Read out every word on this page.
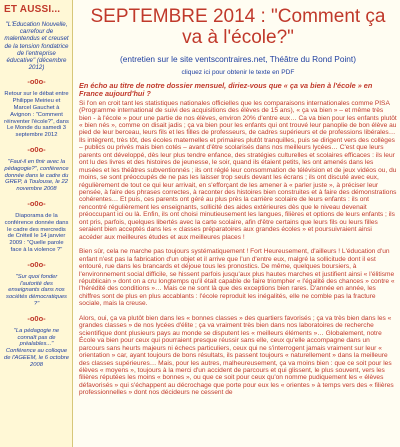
ET AUSSI...
"L'Education Nouvelle, carrefour de malentendus et creuset de la tension fondatrice de l'entreprise éducative" (décembre 2012)
-o0o-
Retour sur le débat entre Philippe Meirieu et Marcel Gauchet à Avignon : "Comment réinventer l'école?", dans Le Monde du samedi 3 septembre 2012
-o0o-
"Faut-il en finir avec la pédagogie?", conférence donnée dans le cadre du GREP, à Toulouse, le 22 novembre 2008
-o0o-
Diaporama de la conférence donnée dans le cadre des mercredis de Créteil le 14 janvier 2009 : "Quelle parole face à la violence ?"
-o0o-
"Sur quoi fonder l'autorité des enseignants dans nos sociétés démocratiques ?"
-o0o-
"La pédagogie ne connaît pas de préalables..." Conférence au colloque de l'AGEEM, le 6 octobre 2008
SEPTEMBRE 2014 : "Comment ça va à l'école?"
(entretien sur le site ventscontraires.net, Théâtre du Rond Point)
cliquez ici pour obtenir le texte en PDF
En écho au titre de notre dossier mensuel, diriez-vous que « ça va bien à l'école » en France aujourd'hui ?
Si l'on en croit tant les statistiques nationales officielles que les comparaisons internationales comme PISA (Programme international de suivi des acquisitions des élèves de 15 ans), « ça va bien » – et même très bien - à l'école » pour une partie de nos élèves, environ 20% d'entre eux… Ca va bien pour les enfants plutôt « bien nés », comme on disait jadis ; ça va bien pour les enfants qui ont trouvé leur panoplie de bon élève au pied de leur berceau, leurs fils et les filles de professeurs, de cadres supérieurs et de professions libérales… Ils intègrent, très tôt, des écoles maternelles et primaires plutôt tranquilles, puis se dirigent vers des collèges – publics ou privés mais bien cotés – avant d'être scolarisés dans nos meilleurs lycées… C'est que leurs parents ont développé, dès leur plus tendre enfance, des stratégies culturelles et scolaires efficaces : ils leur ont lu des livres et des histoires de jeunesse, le soir, quand ils étaient petits, les ont amenés dans les musées et les théâtres subventionnés ; ils ont réglé leur consommation de télévision et de jeux vidéos ou, du moins, se sont préoccupés de ne pas les laisser trop seuls devant les écrans ; ils ont discuté avec eux, régulièrement de tout ce qui leur arrivait, en s'efforçant de les amener à « parler juste », à préciser leur pensée, à faire des phrases correctes, à raconter des histoires bien construites et à faire des démonstrations cohérentes… Et puis, ces parents ont géré au plus près la carrière scolaire de leurs enfants : ils ont rencontré régulièrement les enseignants, sollicité des aides extérieures dès que le niveau devenait préoccupant ici ou là. Enfin, ils ont choisi minutieusement les langues, filières et options de leurs enfants ; ils ont pris, parfois, quelques libertés avec la carte scolaire, afin d'être certains que leurs fils ou leurs filles seraient bien acceptés dans les « classes préparatoires aux grandes écoles » et poursuivraient ainsi accéder aux meilleures études et aux meilleures places !
Bien sûr, cela ne marche pas toujours systématiquement ! Fort Heureusement, d'ailleurs ! L'éducation d'un enfant n'est pas la fabrication d'un objet et il arrive que l'un d'entre eux, malgré la sollicitude dont il est entouré, rue dans les brancards et déjoue tous les pronostics. De même, quelques boursiers, à l'environnement social difficile, se hissent parfois jusqu'aux plus hautes marches et justifient ainsi « l'élitisme républicain » dont on a cru longtemps qu'il était capable de faire triompher « l'égalité des chances » contre « l'hérédité des conditions »… Mais ce ne sont là que des exceptions bien rares. D'année en année, les chiffres sont de plus en plus accablants : l'école reproduit les inégalités, elle ne comble pas la fracture sociale, mais la creuse.
Alors, oui, ça va plutôt bien dans les « bonnes classes » des quartiers favorisés ; ça va très bien dans les « grandes classes » de nos lycées d'élite ; ça va vraiment très bien dans nos laboratoires de recherche scientifique dont plusieurs pays au monde se disputent les « meilleurs éléments »… Globalement, notre École va bien pour ceux qui pourraient presque réussir sans elle, ceux qu'elle accompagne dans un parcours sans heurts majeurs ni échecs particuliers, ceux qui ne s'interrogent jamais vraiment sur leur « orientation » car, ayant toujours de bons résultats, ils passent toujours « naturellement » dans la meilleure des classes supérieures… Mais, pour les autres, malheureusement, ça va moins bien : que ce soit pour les élèves « moyens », toujours à la merci d'un accident de parcours et qui glissent, le plus souvent, vers les filières réputées les moins « bonnes », ou que ce soit pour ceux qu'on nomme pudiquement les « élèves défavorisés » qui s'échappent au décrochage que porte pour eux les « orientes » à temps vers des « filières professionnelles » dont nos décideurs ne cessent de
